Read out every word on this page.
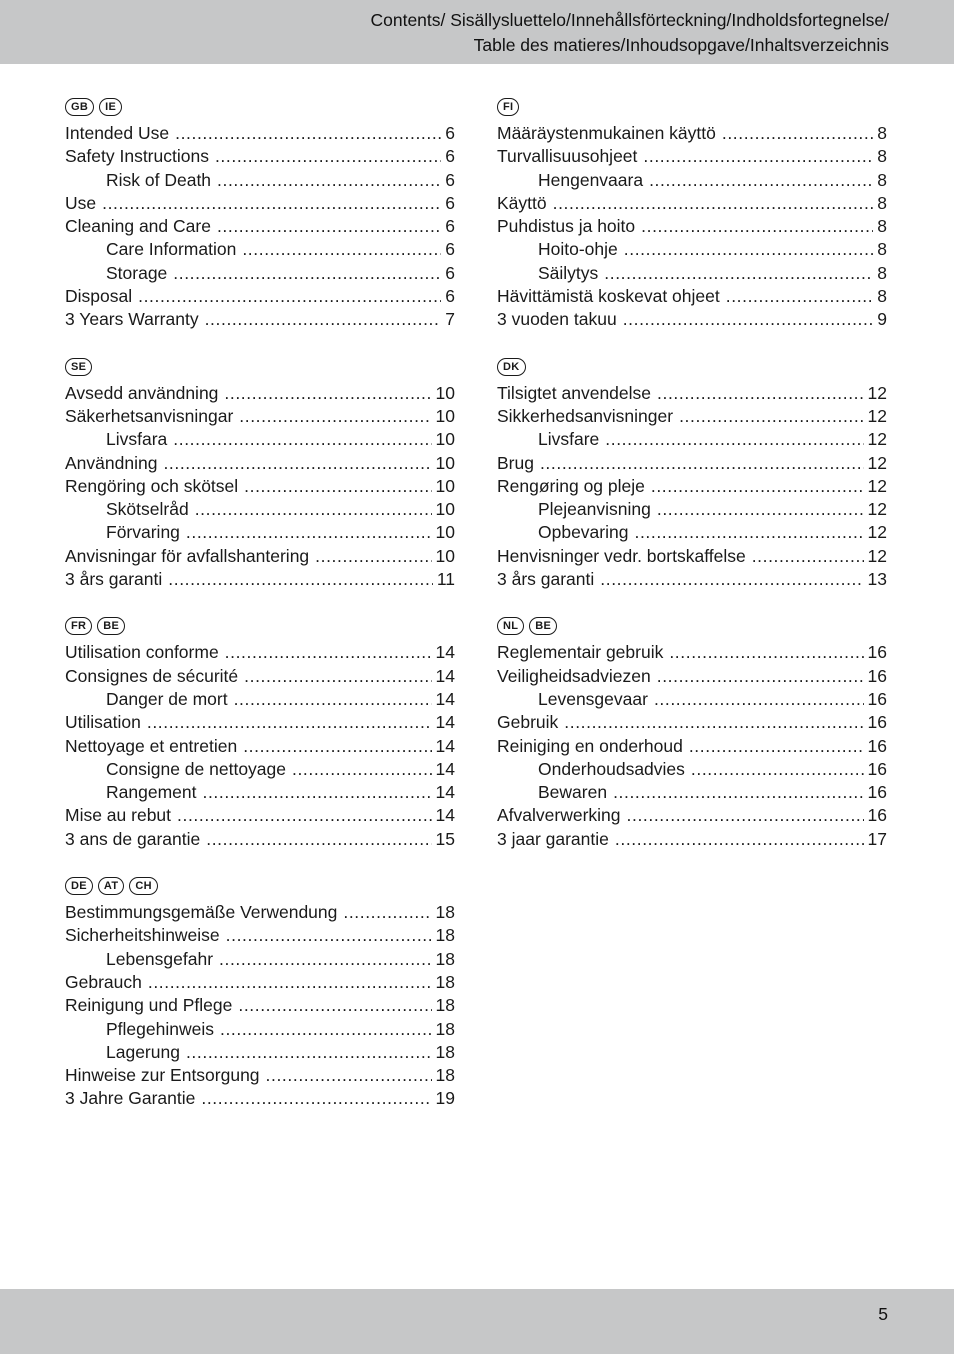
Contents/ Sisällysluettelo/Innehållsförteckning/Indholdsfortegnelse/
Table des matieres/Inhoudsopgave/Inhaltsverzeichnis
GB	IE
Intended Use .....	6
Safety Instructions .....	6
Risk of Death .....	6
Use .....	6
Cleaning and Care .....	6
Care Information .....	6
Storage .....	6
Disposal .....	6
3 Years Warranty .....	7
SE
Avsedd användning .....	10
Säkerhetsanvisningar .....	10
Livsfara .....	10
Användning .....	10
Rengöring och skötsel .....	10
Skötselråd .....	10
Förvaring .....	10
Anvisningar för avfallshantering .....	10
3 års garanti .....	11
FR	BE
Utilisation conforme .....	14
Consignes de sécurité .....	14
Danger de mort .....	14
Utilisation .....	14
Nettoyage et entretien .....	14
Consigne de nettoyage .....	14
Rangement .....	14
Mise au rebut .....	14
3 ans de garantie .....	15
DE	AT	CH
Bestimmungsgemäße Verwendung .....	18
Sicherheitshinweise .....	18
Lebensgefahr .....	18
Gebrauch .....	18
Reinigung und Pflege .....	18
Pflegehinweis .....	18
Lagerung .....	18
Hinweise zur Entsorgung .....	18
3 Jahre Garantie .....	19
FI
Määräystenmukainen käyttö .....	8
Turvallisuusohjeet .....	8
Hengenvaara .....	8
Käyttö .....	8
Puhdistus ja hoito .....	8
Hoito-ohje .....	8
Säilytys .....	8
Hävittämistä koskevat ohjeet .....	8
3 vuoden takuu .....	9
DK
Tilsigtet anvendelse .....	12
Sikkerhedsanvisninger .....	12
Livsfare .....	12
Brug .....	12
Rengøring og pleje .....	12
Plejeanvisning .....	12
Opbevaring .....	12
Henvisninger vedr. bortskaffelse .....	12
3 års garanti .....	13
NL	BE
Reglementair gebruik .....	16
Veiligheidsadviezen .....	16
Levensgevaar .....	16
Gebruik .....	16
Reiniging en onderhoud .....	16
Onderhoudsadvies .....	16
Bewaren .....	16
Afvalverwerking .....	16
3 jaar garantie .....	17
5
